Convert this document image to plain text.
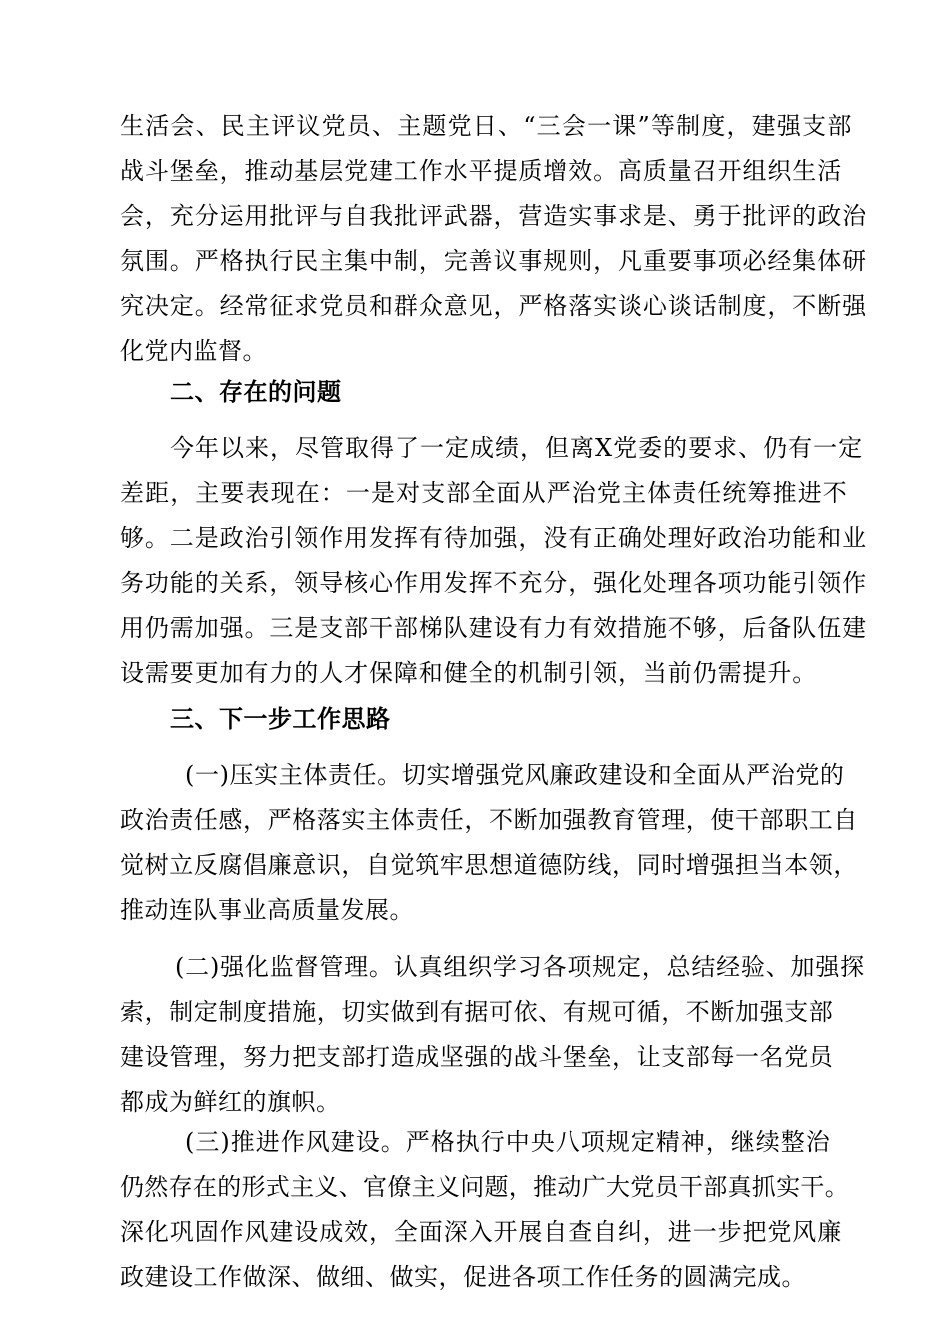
生活会、民主评议党员、主题党日、“三会一课”等制度，建强支部
战斗堡垒，推动基层党建工作水平提质增效。高质量召开组织生活
会，充分运用批评与自我批评武器，营造实事求是、勇于批评的政治
氛围。严格执行民主集中制，完善议事规则，凡重要事项必经集体研
究决定。经常征求党员和群众意见，严格落实谈心谈话制度，不断强
化党内监督。
二、存在的问题
今年以来，尽管取得了一定成绩，但离X党委的要求、仍有一定
差距，主要表现在：一是对支部全面从严治党主体责任统筹推进不
够。二是政治引领作用发挥有待加强，没有正确处理好政治功能和业
务功能的关系，领导核心作用发挥不充分，强化处理各项功能引领作
用仍需加强。三是支部干部梯队建设有力有效措施不够，后备队伍建
设需要更加有力的人才保障和健全的机制引领，当前仍需提升。
三、下一步工作思路
(一)压实主体责任。切实增强党风廉政建设和全面从严治党的
政治责任感，严格落实主体责任，不断加强教育管理，使干部职工自
觉树立反腐倡廉意识，自觉筑牢思想道德防线，同时增强担当本领，
推动连队事业高质量发展。
(二)强化监督管理。认真组织学习各项规定，总结经验、加强探
索，制定制度措施，切实做到有据可依、有规可循，不断加强支部
建设管理，努力把支部打造成坚强的战斗堡垒，让支部每一名党员
都成为鲜红的旗帜。
(三)推进作风建设。严格执行中央八项规定精神，继续整治
仍然存在的形式主义、官僚主义问题，推动广大党员干部真抓实干。
深化巩固作风建设成效，全面深入开展自查自纠，进一步把党风廉
政建设工作做深、做细、做实，促进各项工作任务的圆满完成。
